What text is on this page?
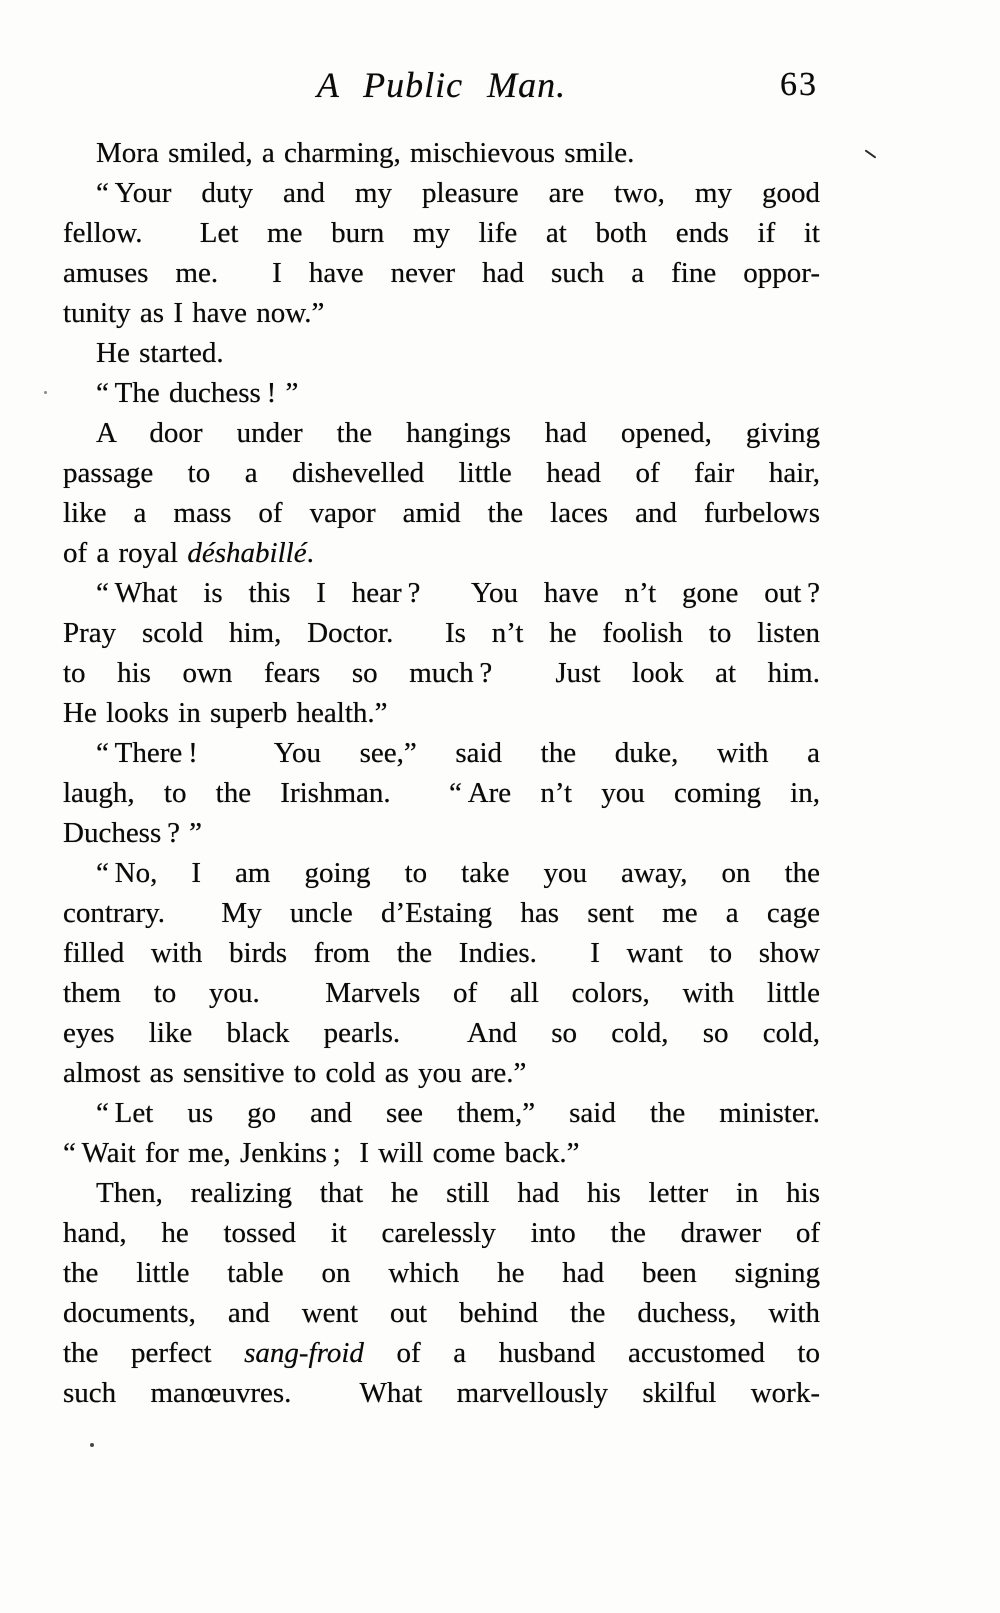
A Public Man.	63
Mora smiled, a charming, mischievous smile.
“ Your duty and my pleasure are two, my good
fellow.  Let me burn my life at both ends if it
amuses me.  I have never had such a fine oppor-
tunity as I have now.”
He started.
“ The duchess ! ”
A door under the hangings had opened, giving
passage to a dishevelled little head of fair hair,
like a mass of vapor amid the laces and furbelows
of a royal déshabillé.
“ What is this I hear ?  You have n’t gone out ?
Pray scold him, Doctor.  Is n’t he foolish to listen
to his own fears so much ?  Just look at him.
He looks in superb health.”
“ There !  You see,” said the duke, with a
laugh, to the Irishman.  “ Are n’t you coming in,
Duchess ? ”
“ No, I am going to take you away, on the
contrary.  My uncle d’Estaing has sent me a cage
filled with birds from the Indies.  I want to show
them to you.  Marvels of all colors, with little
eyes like black pearls.  And so cold, so cold,
almost as sensitive to cold as you are.”
“ Let us go and see them,” said the minister.
“ Wait for me, Jenkins ;  I will come back.”
Then, realizing that he still had his letter in his
hand, he tossed it carelessly into the drawer of
the little table on which he had been signing
documents, and went out behind the duchess, with
the perfect sang-froid of a husband accustomed to
such manœuvres.  What marvellously skilful work-
